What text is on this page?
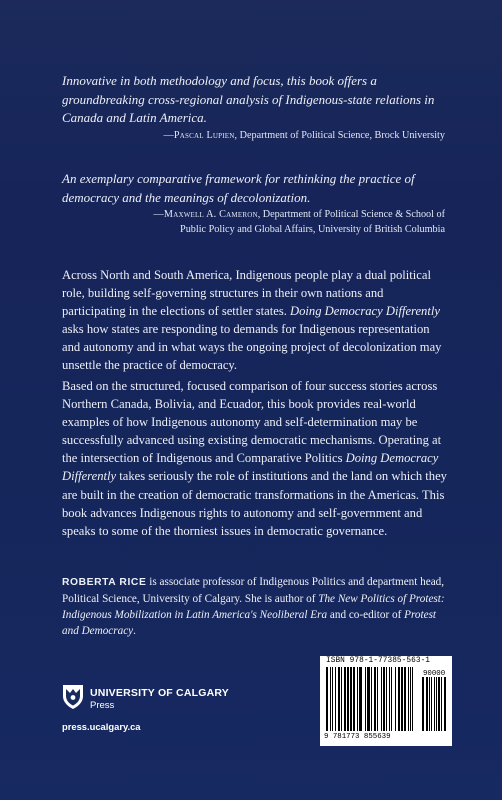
Innovative in both methodology and focus, this book offers a groundbreaking cross-regional analysis of Indigenous-state relations in Canada and Latin America.
—Pascal Lupien, Department of Political Science, Brock University
An exemplary comparative framework for rethinking the practice of democracy and the meanings of decolonization.
—Maxwell A. Cameron, Department of Political Science & School of
Public Policy and Global Affairs, University of British Columbia
Across North and South America, Indigenous people play a dual political role, building self-governing structures in their own nations and participating in the elections of settler states. Doing Democracy Differently asks how states are responding to demands for Indigenous representation and autonomy and in what ways the ongoing project of decolonization may unsettle the practice of democracy.
Based on the structured, focused comparison of four success stories across Northern Canada, Bolivia, and Ecuador, this book provides real-world examples of how Indigenous autonomy and self-determination may be successfully advanced using existing democratic mechanisms. Operating at the intersection of Indigenous and Comparative Politics Doing Democracy Differently takes seriously the role of institutions and the land on which they are built in the creation of democratic transformations in the Americas. This book advances Indigenous rights to autonomy and self-government and speaks to some of the thorniest issues in democratic governance.
ROBERTA RICE is associate professor of Indigenous Politics and department head, Political Science, University of Calgary. She is author of The New Politics of Protest: Indigenous Mobilization in Latin America's Neoliberal Era and co-editor of Protest and Democracy.
UNIVERSITY OF CALGARY
Press
press.ucalgary.ca
ISBN 978-1-77385-563-1
90000
9 781773 855639
